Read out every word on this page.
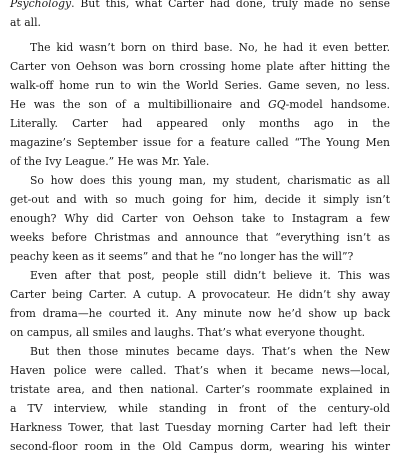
Psychology. But this, what Carter had done, truly made no sense
at all.
The kid wasn’t born on third base. No, he had it even better.
Carter von Oehson was born crossing home plate after hitting the
walk-off home run to win the World Series. Game seven, no less.
He was the son of a multibillionaire and GQ-model handsome.
Literally. Carter had appeared only months ago in the
magazine’s September issue for a feature called “The Young Men
of the Ivy League.” He was Mr. Yale.
So how does this young man, my student, charismatic as all
get-out and with so much going for him, decide it simply isn’t
enough? Why did Carter von Oehson take to Instagram a few
weeks before Christmas and announce that “everything isn’t as
peachy keen as it seems” and that he “no longer has the will”?
Even after that post, people still didn’t believe it. This was
Carter being Carter. A cutup. A provocateur. He didn’t shy away
from drama—he courted it. Any minute now he’d show up back
on campus, all smiles and laughs. That’s what everyone thought.
But then those minutes became days. That’s when the New
Haven police were called. That’s when it became news—local,
tristate area, and then national. Carter’s roommate explained in
a TV interview, while standing in front of the century-old
Harkness Tower, that last Tuesday morning Carter had left their
second-floor room in the Old Campus dorm, wearing his winter
